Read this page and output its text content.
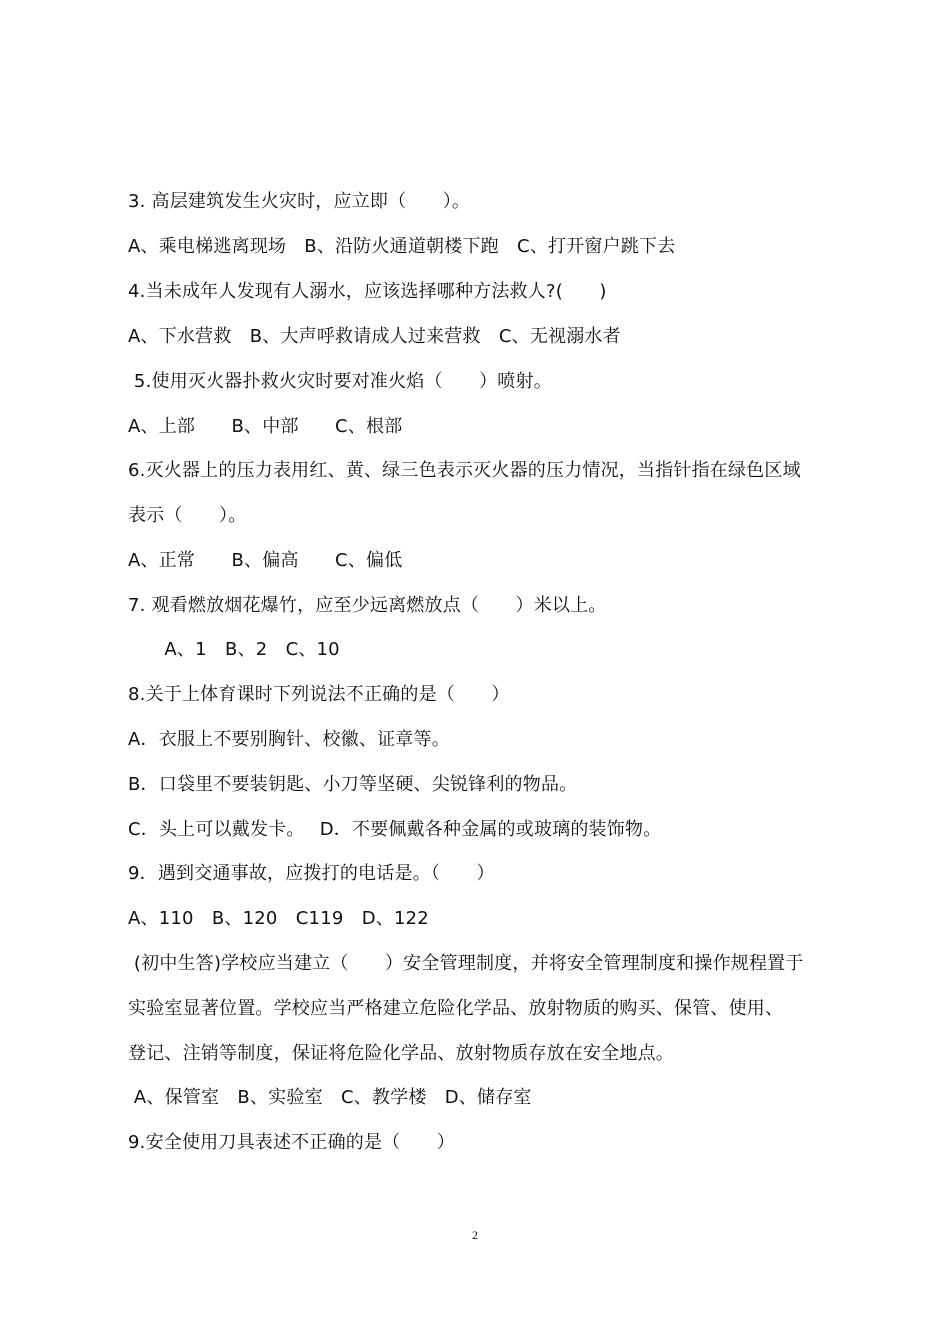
3. 高层建筑发生火灾时，应立即（　　）。
A、乘电梯逃离现场　B、沿防火通道朝楼下跑　C、打开窗户跳下去
4.当未成年人发现有人溺水，应该选择哪种方法救人?(　　)
A、下水营救　B、大声呼救请成人过来营救　C、无视溺水者
5.使用灭火器扑救火灾时要对准火焰（　　）喷射。
A、上部　　B、中部　　C、根部
6.灭火器上的压力表用红、黄、绿三色表示灭火器的压力情况，当指针指在绿色区域
表示（　　）。
A、正常　　B、偏高　　C、偏低
7. 观看燃放烟花爆竹，应至少远离燃放点（　　）米以上。
　　A、1　B、2　C、10
8.关于上体育课时下列说法不正确的是（　　）
A．衣服上不要别胸针、校徽、证章等。
B．口袋里不要装钥匙、小刀等坚硬、尖锐锋利的物品。
C．头上可以戴发卡。　 D．不要佩戴各种金属的或玻璃的装饰物。
9．遇到交通事故，应拨打的电话是。（　　）
A、110　B、120　C119　D、122
(初中生答)学校应当建立（　　）安全管理制度，并将安全管理制度和操作规程置于
实验室显著位置。学校应当严格建立危险化学品、放射物质的购买、保管、使用、
登记、注销等制度，保证将危险化学品、放射物质存放在安全地点。
A、保管室　B、实验室　C、教学楼　D、储存室
9.安全使用刀具表述不正确的是（　　）
2
